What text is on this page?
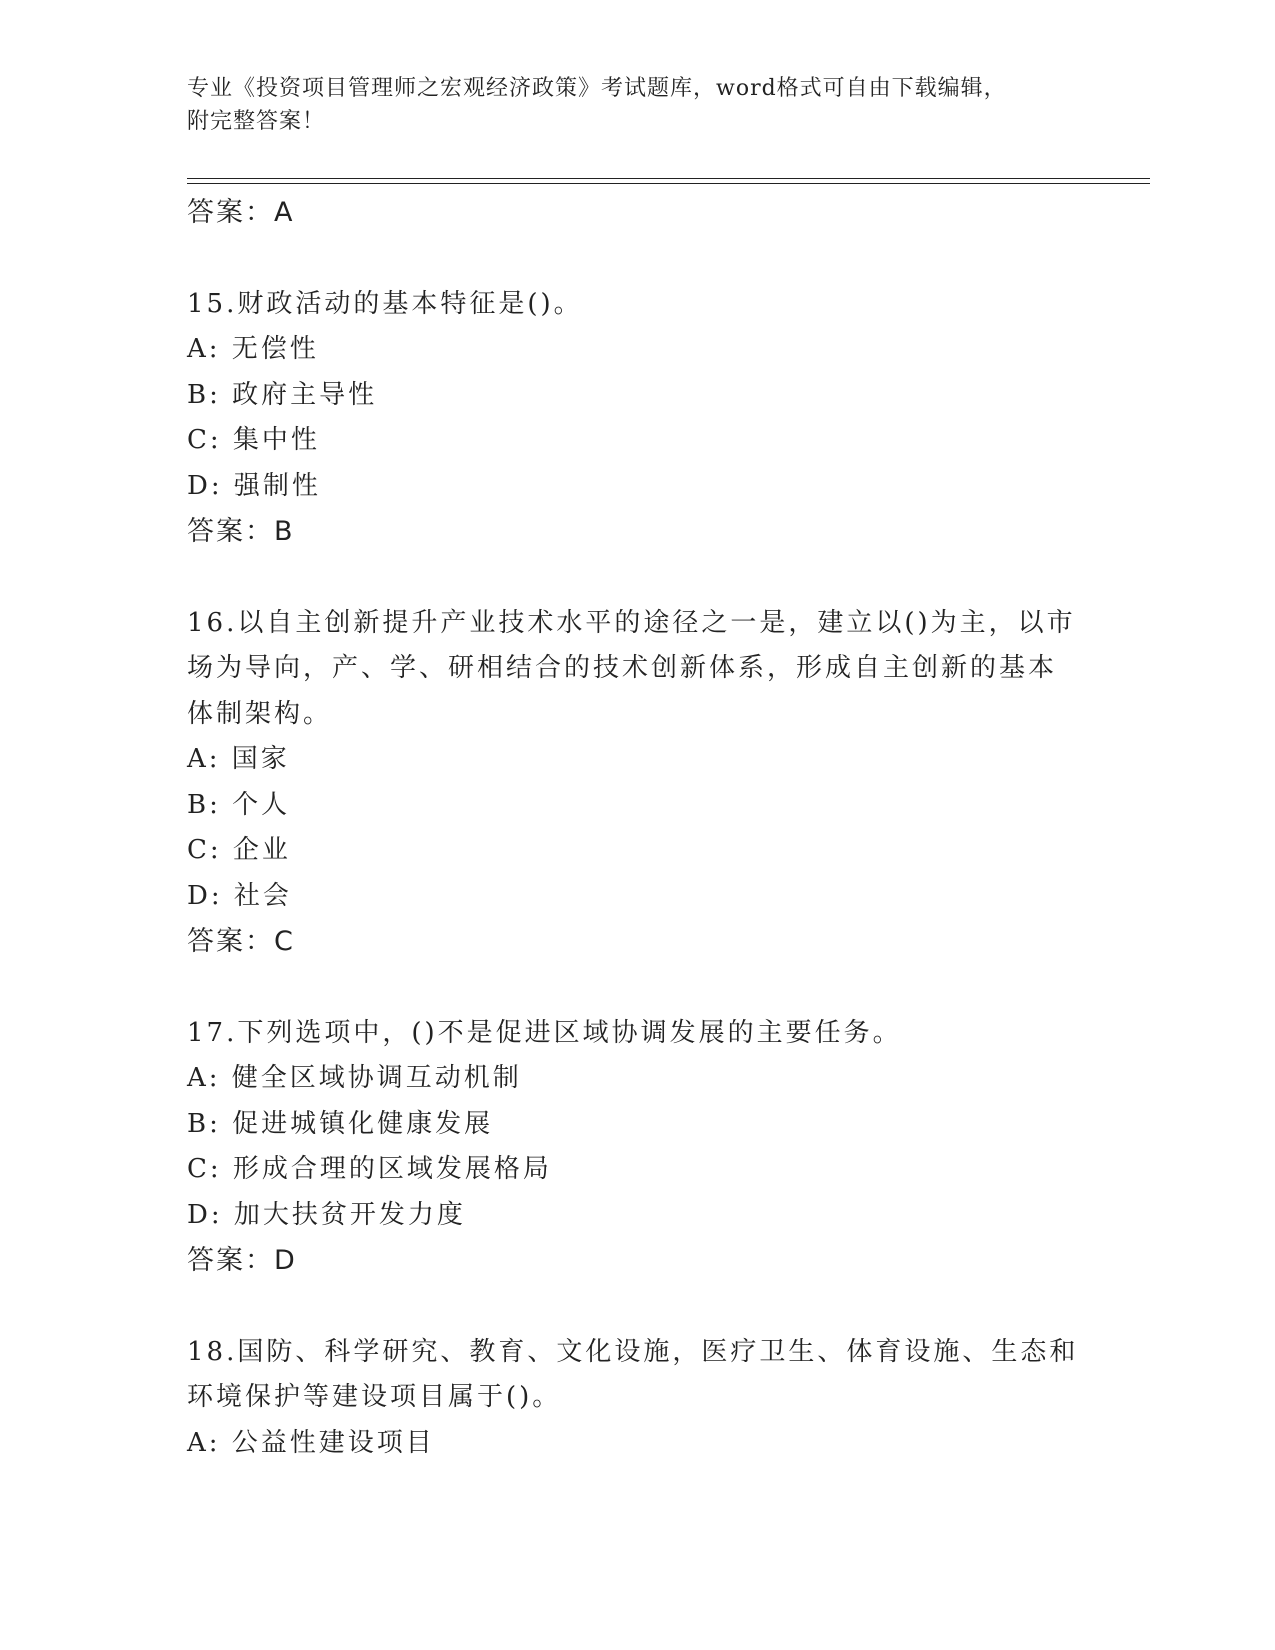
专业《投资项目管理师之宏观经济政策》考试题库，word格式可自由下载编辑，
附完整答案！
答案：A
15.财政活动的基本特征是()。
A: 无偿性
B: 政府主导性
C: 集中性
D: 强制性
答案：B
16.以自主创新提升产业技术水平的途径之一是，建立以()为主，以市
场为导向，产、学、研相结合的技术创新体系，形成自主创新的基本
体制架构。
A: 国家
B: 个人
C: 企业
D: 社会
答案：C
17.下列选项中，()不是促进区域协调发展的主要任务。
A: 健全区域协调互动机制
B: 促进城镇化健康发展
C: 形成合理的区域发展格局
D: 加大扶贫开发力度
答案：D
18.国防、科学研究、教育、文化设施，医疗卫生、体育设施、生态和
环境保护等建设项目属于()。
A: 公益性建设项目
